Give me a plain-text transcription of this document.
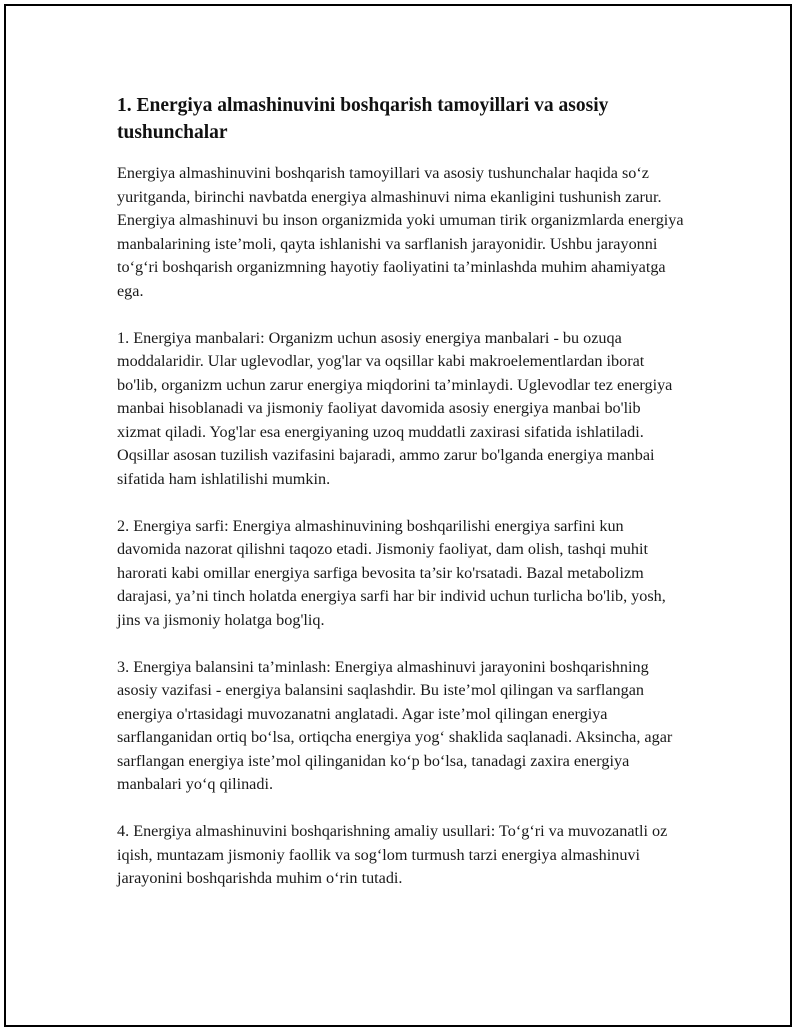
1. Energiya almashinuvini boshqarish tamoyillari va asosiy tushunchalar

Energiya almashinuvini boshqarish tamoyillari va asosiy tushunchalar haqida so‘z yuritganda, birinchi navbatda energiya almashinuvi nima ekanligini tushunish zarur. Energiya almashinuvi bu inson organizmida yoki umuman tirik organizmlarda energiya manbalarining iste’moli, qayta ishlanishi va sarflanish jarayonidir. Ushbu jarayonni to‘g‘ri boshqarish organizmning hayotiy faoliyatini ta’minlashda muhim ahamiyatga ega.

1. Energiya manbalari: Organizm uchun asosiy energiya manbalari - bu ozuqa moddalaridir. Ular uglevodlar, yog'lar va oqsillar kabi makroelementlardan iborat bo'lib, organizm uchun zarur energiya miqdorini ta’minlaydi. Uglevodlar tez energiya manbai hisoblanadi va jismoniy faoliyat davomida asosiy energiya manbai bo'lib xizmat qiladi. Yog'lar esa energiyaning uzoq muddatli zaxirasi sifatida ishlatiladi. Oqsillar asosan tuzilish vazifasini bajaradi, ammo zarur bo'lganda energiya manbai sifatida ham ishlatilishi mumkin.

2. Energiya sarfi: Energiya almashinuvining boshqarilishi energiya sarfini kun davomida nazorat qilishni taqozo etadi. Jismoniy faoliyat, dam olish, tashqi muhit harorati kabi omillar energiya sarfiga bevosita ta’sir ko'rsatadi. Bazal metabolizm darajasi, ya’ni tinch holatda energiya sarfi har bir individ uchun turlicha bo'lib, yosh, jins va jismoniy holatga bog'liq.

3. Energiya balansini ta’minlash: Energiya almashinuvi jarayonini boshqarishning asosiy vazifasi - energiya balansini saqlashdir. Bu iste’mol qilingan va sarflangan energiya o'rtasidagi muvozanatni anglatadi. Agar iste’mol qilingan energiya sarflanganidan ortiq bo‘lsa, ortiqcha energiya yog‘ shaklida saqlanadi. Aksincha, agar sarflangan energiya iste’mol qilinganidan ko‘p bo‘lsa, tanadagi zaxira energiya manbalari yo‘q qilinadi.

4. Energiya almashinuvini boshqarishning amaliy usullari: To‘g‘ri va muvozanatli oz iqish, muntazam jismoniy faollik va sog‘lom turmush tarzi energiya almashinuvi jarayonini boshqarishda muhim o‘rin tutadi.
